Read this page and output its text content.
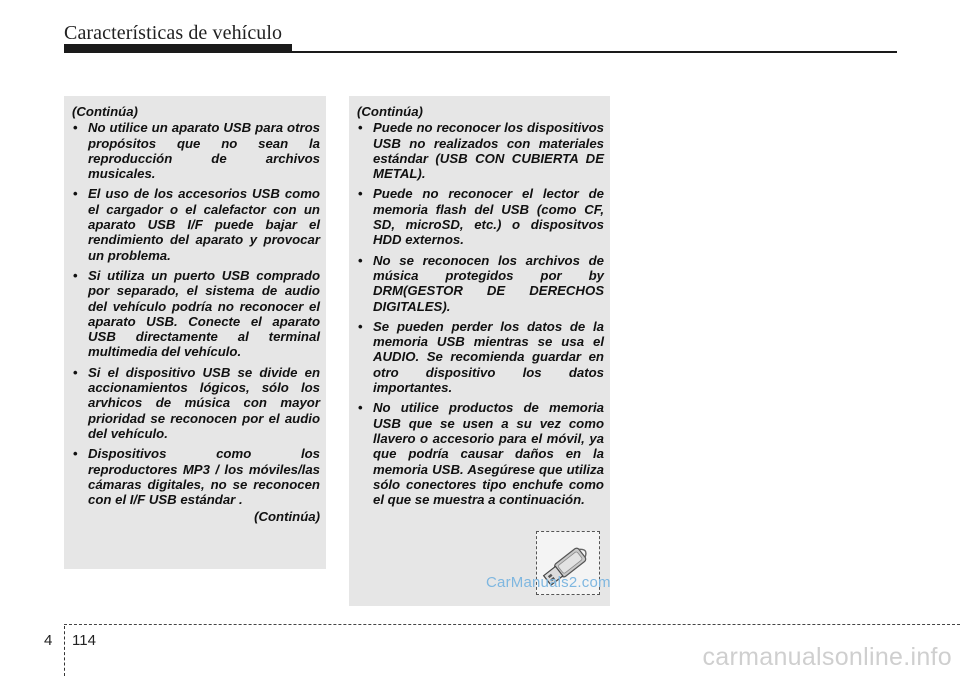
Características de vehículo

(Continúa)

• No utilice un aparato USB para otros propósitos que no sean la reproducción de archivos musicales.
• El uso de los accesorios USB como el cargador o el calefactor con un aparato USB I/F puede bajar el rendimiento del aparato y provocar un problema.
• Si utiliza un puerto USB comprado por separado, el sistema de audio del vehículo podría no reconocer el aparato USB. Conecte el aparato USB directamente al terminal multimedia del vehículo.
• Si el dispositivo USB se divide en accionamientos lógicos, sólo los arvhicos de música con mayor prioridad se reconocen por el audio del vehículo.
• Dispositivos como los reproductores MP3 / los móviles/las cámaras digitales, no se reconocen con el I/F USB estándar .

(Continúa)

(Continúa)

• Puede no reconocer los dispositivos USB no realizados con materiales estándar (USB CON CUBIERTA DE METAL).
• Puede no reconocer el lector de memoria flash del USB (como CF, SD, microSD, etc.) o dispositvos HDD externos.
• No se reconocen los archivos de música protegidos por by DRM(GESTOR DE DERECHOS DIGITALES).
• Se pueden perder los datos de la memoria USB mientras se usa el AUDIO. Se recomienda guardar en otro dispositivo los datos importantes.
• No utilice productos de memoria USB que se usen a su vez como llavero o accesorio para el móvil, ya que podría causar daños en la memoria USB. Asegúrese que utiliza sólo conectores tipo enchufe como el que se muestra a continuación.
CarManuals2.com
4 114
carmanualsonline.info
